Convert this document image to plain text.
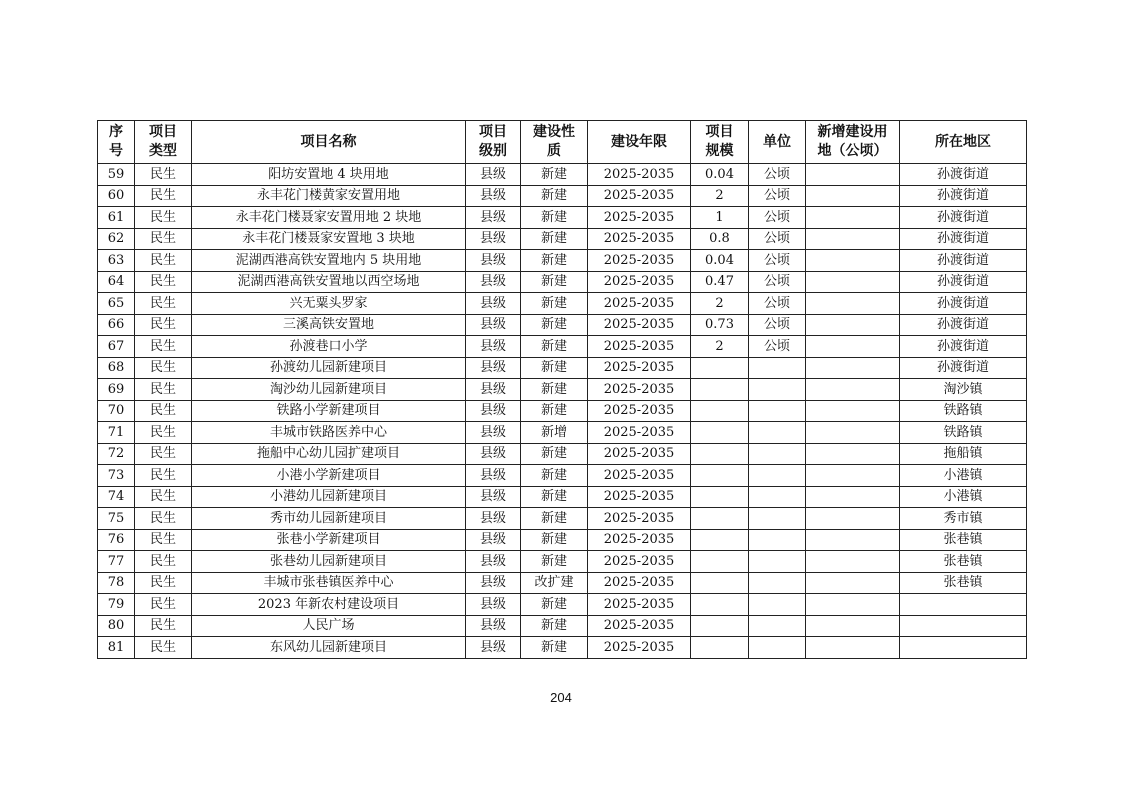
序号	项目类型	项目名称	项目级别	建设性质	建设年限	项目规模	单位	新增建设用地（公顷）	所在地区
59	民生	阳坊安置地 4 块用地	县级	新建	2025-2035	0.04	公顷		孙渡街道
60	民生	永丰花门楼黄家安置用地	县级	新建	2025-2035	2	公顷		孙渡街道
61	民生	永丰花门楼聂家安置用地 2 块地	县级	新建	2025-2035	1	公顷		孙渡街道
62	民生	永丰花门楼聂家安置地 3 块地	县级	新建	2025-2035	0.8	公顷		孙渡街道
63	民生	泥湖西港高铁安置地内 5 块用地	县级	新建	2025-2035	0.04	公顷		孙渡街道
64	民生	泥湖西港高铁安置地以西空场地	县级	新建	2025-2035	0.47	公顷		孙渡街道
65	民生	兴无粟头罗家	县级	新建	2025-2035	2	公顷		孙渡街道
66	民生	三溪高铁安置地	县级	新建	2025-2035	0.73	公顷		孙渡街道
67	民生	孙渡巷口小学	县级	新建	2025-2035	2	公顷		孙渡街道
68	民生	孙渡幼儿园新建项目	县级	新建	2025-2035				孙渡街道
69	民生	淘沙幼儿园新建项目	县级	新建	2025-2035				淘沙镇
70	民生	铁路小学新建项目	县级	新建	2025-2035				铁路镇
71	民生	丰城市铁路医养中心	县级	新增	2025-2035				铁路镇
72	民生	拖船中心幼儿园扩建项目	县级	新建	2025-2035				拖船镇
73	民生	小港小学新建项目	县级	新建	2025-2035				小港镇
74	民生	小港幼儿园新建项目	县级	新建	2025-2035				小港镇
75	民生	秀市幼儿园新建项目	县级	新建	2025-2035				秀市镇
76	民生	张巷小学新建项目	县级	新建	2025-2035				张巷镇
77	民生	张巷幼儿园新建项目	县级	新建	2025-2035				张巷镇
78	民生	丰城市张巷镇医养中心	县级	改扩建	2025-2035				张巷镇
79	民生	2023 年新农村建设项目	县级	新建	2025-2035				
80	民生	人民广场	县级	新建	2025-2035				
81	民生	东风幼儿园新建项目	县级	新建	2025-2035				
204
